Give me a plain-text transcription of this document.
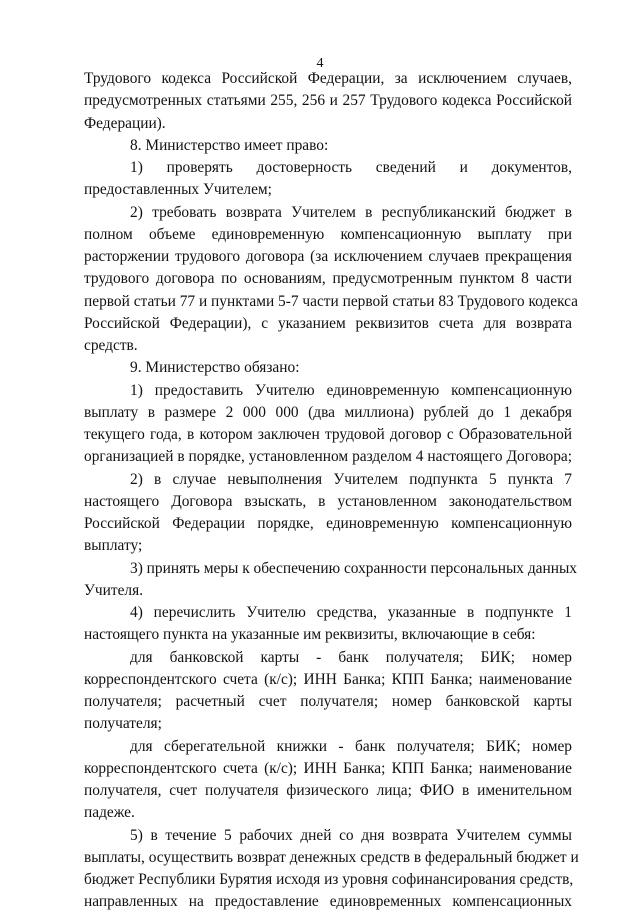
4
Трудового кодекса Российской Федерации, за исключением случаев,
предусмотренных статьями 255, 256 и 257 Трудового кодекса Российской
Федерации).
8. Министерство имеет право:
1) проверять достоверность сведений и документов,
предоставленных Учителем;
2) требовать возврата Учителем в республиканский бюджет в
полном объеме единовременную компенсационную выплату при
расторжении трудового договора (за исключением случаев прекращения
трудового договора по основаниям, предусмотренным пунктом 8 части
первой статьи 77 и пунктами 5-7 части первой статьи 83 Трудового кодекса
Российской Федерации), с указанием реквизитов счета для возврата
средств.
9. Министерство обязано:
1) предоставить Учителю единовременную компенсационную
выплату в размере 2 000 000 (два миллиона) рублей до 1 декабря
текущего года, в котором заключен трудовой договор с Образовательной
организацией в порядке, установленном разделом 4 настоящего Договора;
2) в случае невыполнения Учителем подпункта 5 пункта 7
настоящего Договора взыскать, в установленном законодательством
Российской Федерации порядке, единовременную компенсационную
выплату;
3) принять меры к обеспечению сохранности персональных данных
Учителя.
4) перечислить Учителю средства, указанные в подпункте 1
настоящего пункта на указанные им реквизиты, включающие в себя:
для банковской карты - банк получателя; БИК; номер
корреспондентского счета (к/с); ИНН Банка; КПП Банка; наименование
получателя; расчетный счет получателя; номер банковской карты
получателя;
для сберегательной книжки - банк получателя; БИК; номер
корреспондентского счета (к/с); ИНН Банка; КПП Банка; наименование
получателя, счет получателя физического лица; ФИО в именительном
падеже.
5) в течение 5 рабочих дней со дня возврата Учителем суммы
выплаты, осуществить возврат денежных средств в федеральный бюджет и
бюджет Республики Бурятия исходя из уровня софинансирования средств,
направленных на предоставление единовременных компенсационных
